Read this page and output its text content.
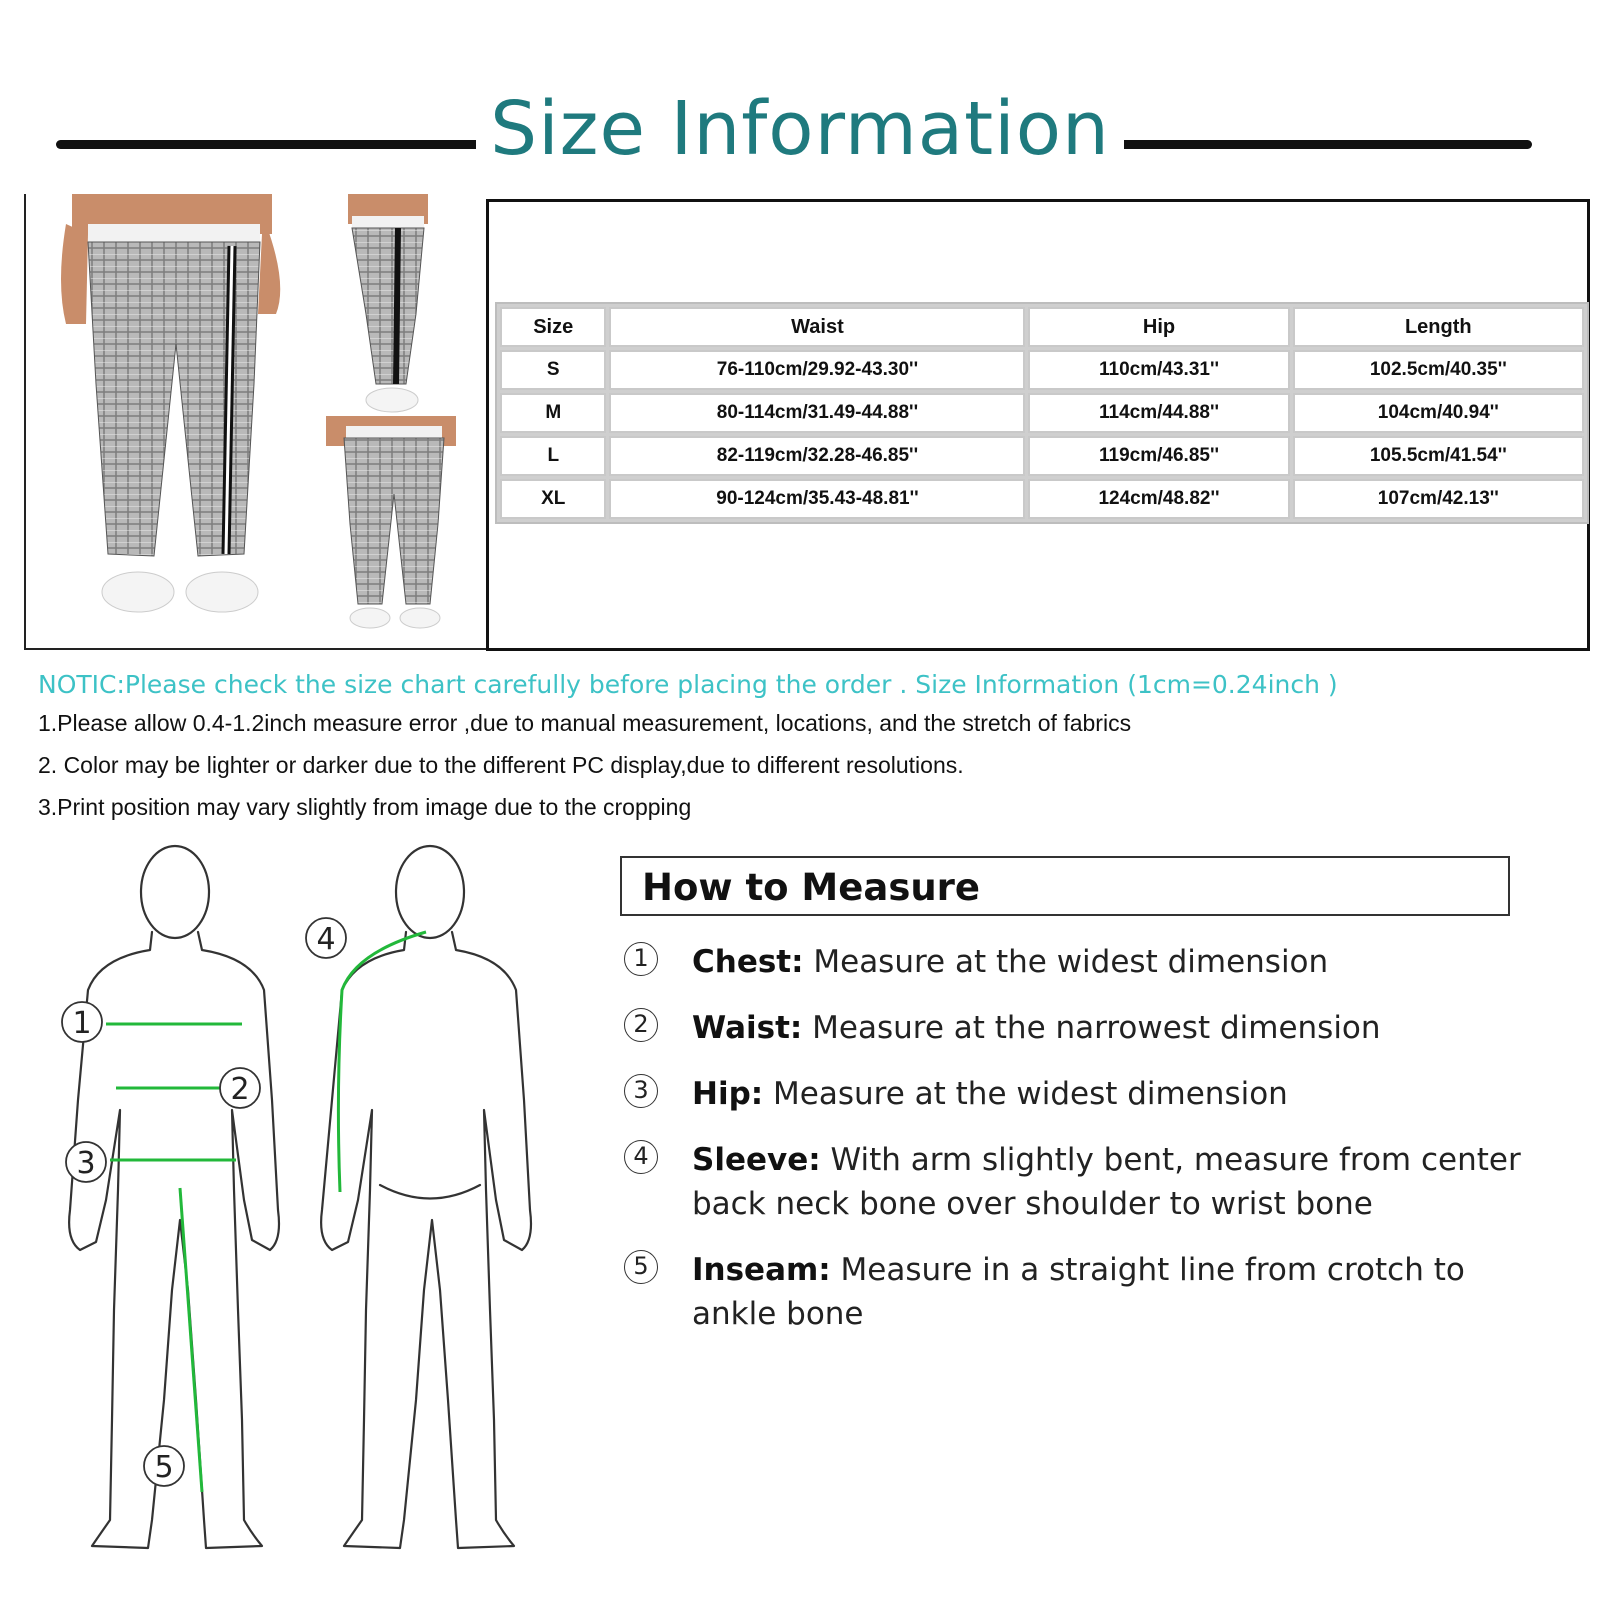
Size Information
Size	Waist	Hip	Length
S	76-110cm/29.92-43.30''	110cm/43.31''	102.5cm/40.35''
M	80-114cm/31.49-44.88''	114cm/44.88''	104cm/40.94''
L	82-119cm/32.28-46.85''	119cm/46.85''	105.5cm/41.54''
XL	90-124cm/35.43-48.81''	124cm/48.82''	107cm/42.13''
NOTIC:Please check the size chart carefully before placing the order . Size Information (1cm=0.24inch )
1.Please allow 0.4-1.2inch measure error ,due to manual measurement, locations, and the stretch of fabrics
2. Color may be lighter or darker due to the different PC display,due to different resolutions.
3.Print position may vary slightly from image due to the cropping
1
2
3
4
5
How to Measure
1	Chest: Measure at the widest dimension
2	Waist: Measure at the narrowest dimension
3	Hip: Measure at the widest dimension
4	Sleeve: With arm slightly bent, measure from center back neck bone over shoulder to wrist bone
5	Inseam: Measure in a straight line from crotch to ankle bone
